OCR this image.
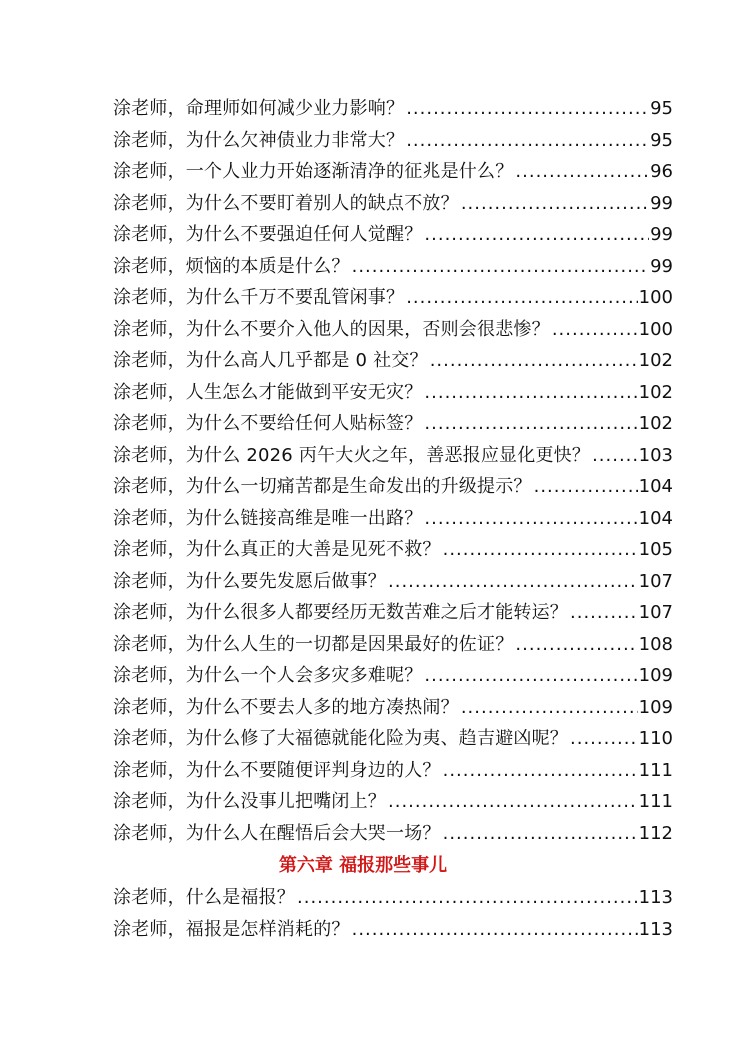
涂老师，命理师如何减少业力影响？ .....	95
涂老师，为什么欠神债业力非常大？ .....	95
涂老师，一个人业力开始逐渐清净的征兆是什么？ .....	96
涂老师，为什么不要盯着别人的缺点不放？ .....	99
涂老师，为什么不要强迫任何人觉醒？ .....	99
涂老师，烦恼的本质是什么？ .....	99
涂老师，为什么千万不要乱管闲事？ .....	100
涂老师，为什么不要介入他人的因果，否则会很悲惨？ .....	100
涂老师，为什么高人几乎都是 0 社交？ .....	102
涂老师，人生怎么才能做到平安无灾？ .....	102
涂老师，为什么不要给任何人贴标签？ .....	102
涂老师，为什么 2026 丙午大火之年，善恶报应显化更快？ .....	103
涂老师，为什么一切痛苦都是生命发出的升级提示？ .....	104
涂老师，为什么链接高维是唯一出路？ .....	104
涂老师，为什么真正的大善是见死不救？ .....	105
涂老师，为什么要先发愿后做事？ .....	107
涂老师，为什么很多人都要经历无数苦难之后才能转运？ .....	107
涂老师，为什么人生的一切都是因果最好的佐证？ .....	108
涂老师，为什么一个人会多灾多难呢？ .....	109
涂老师，为什么不要去人多的地方凑热闹？ .....	109
涂老师，为什么修了大福德就能化险为夷、趋吉避凶呢？ .....	110
涂老师，为什么不要随便评判身边的人？ .....	111
涂老师，为什么没事儿把嘴闭上？ .....	111
涂老师，为什么人在醒悟后会大哭一场？ .....	112
第六章 福报那些事儿
涂老师，什么是福报？ .....	113
涂老师，福报是怎样消耗的？ .....	113
